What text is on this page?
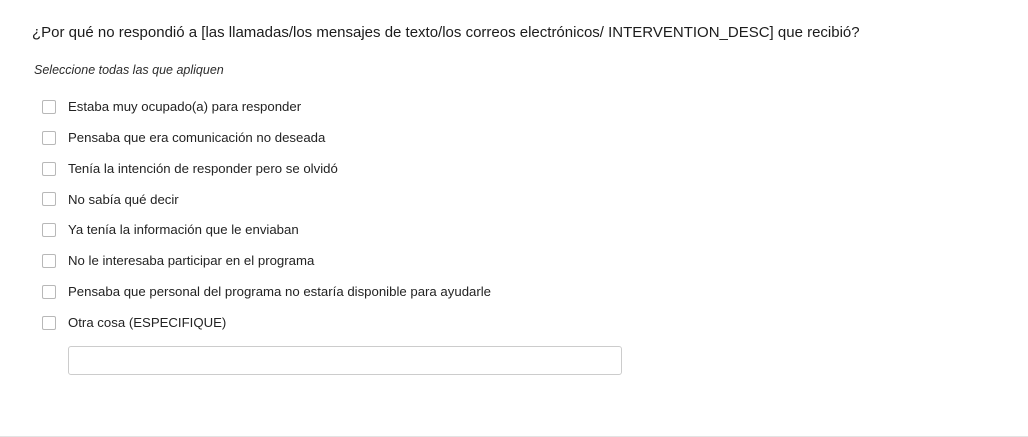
¿Por qué no respondió a [las llamadas/los mensajes de texto/los correos electrónicos/ INTERVENTION_DESC] que recibió?
Seleccione todas las que apliquen
Estaba muy ocupado(a) para responder
Pensaba que era comunicación no deseada
Tenía la intención de responder pero se olvidó
No sabía qué decir
Ya tenía la información que le enviaban
No le interesaba participar en el programa
Pensaba que personal del programa no estaría disponible para ayudarle
Otra cosa (ESPECIFIQUE)
